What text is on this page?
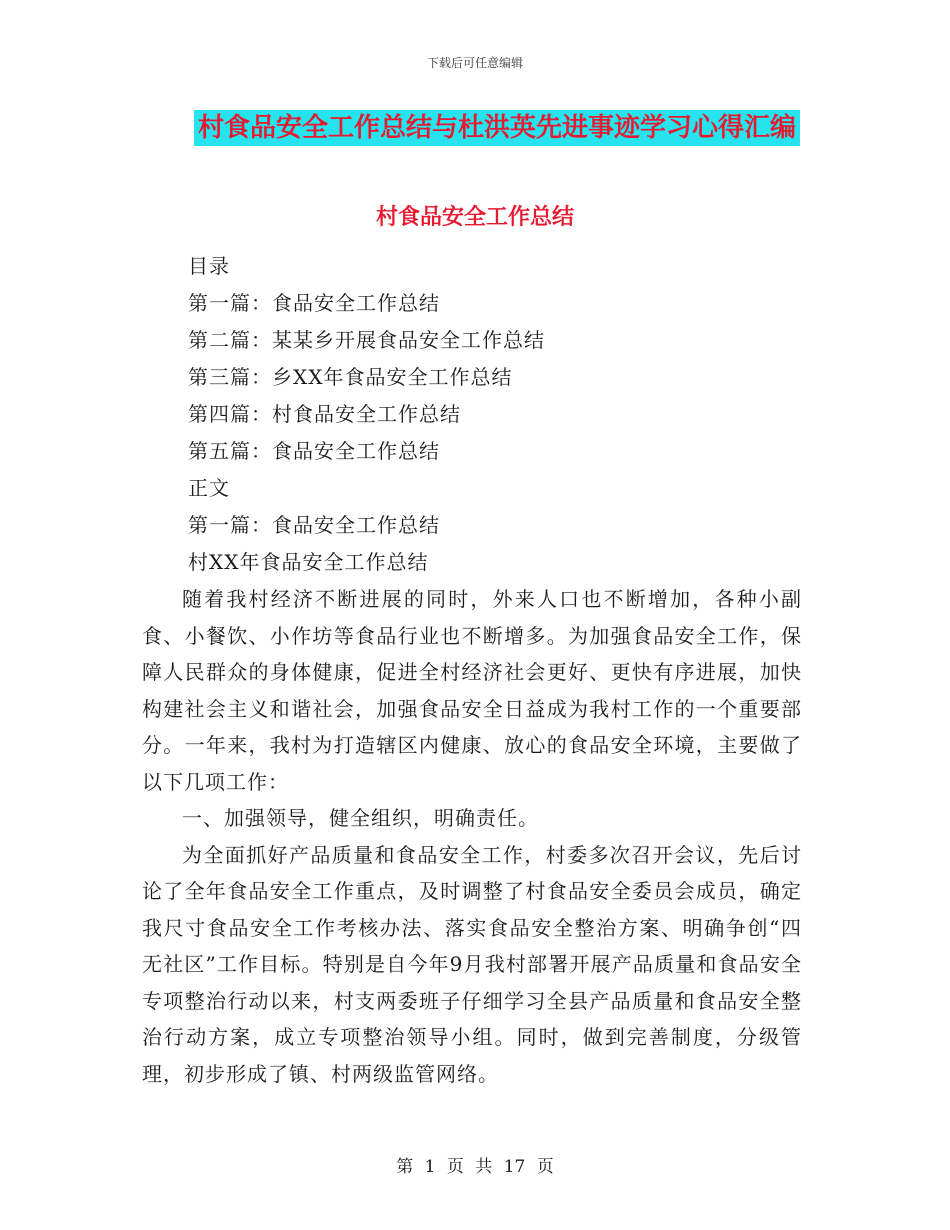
下载后可任意编辑
村食品安全工作总结与杜洪英先进事迹学习心得汇编
村食品安全工作总结
目录
第一篇：食品安全工作总结
第二篇：某某乡开展食品安全工作总结
第三篇：乡XX年食品安全工作总结
第四篇：村食品安全工作总结
第五篇：食品安全工作总结
正文
第一篇：食品安全工作总结
村XX年食品安全工作总结

随着我村经济不断进展的同时，外来人口也不断增加，各种小副食、小餐饮、小作坊等食品行业也不断增多。为加强食品安全工作，保障人民群众的身体健康，促进全村经济社会更好、更快有序进展，加快构建社会主义和谐社会，加强食品安全日益成为我村工作的一个重要部分。一年来，我村为打造辖区内健康、放心的食品安全环境，主要做了以下几项工作：

一、加强领导，健全组织，明确责任。

为全面抓好产品质量和食品安全工作，村委多次召开会议，先后讨论了全年食品安全工作重点，及时调整了村食品安全委员会成员，确定我尺寸食品安全工作考核办法、落实食品安全整治方案、明确争创“四无社区”工作目标。特别是自今年9月我村部署开展产品质量和食品安全专项整治行动以来，村支两委班子仔细学习全县产品质量和食品安全整治行动方案，成立专项整治领导小组。同时，做到完善制度，分级管理，初步形成了镇、村两级监管网络。

第 1 页 共 17 页
